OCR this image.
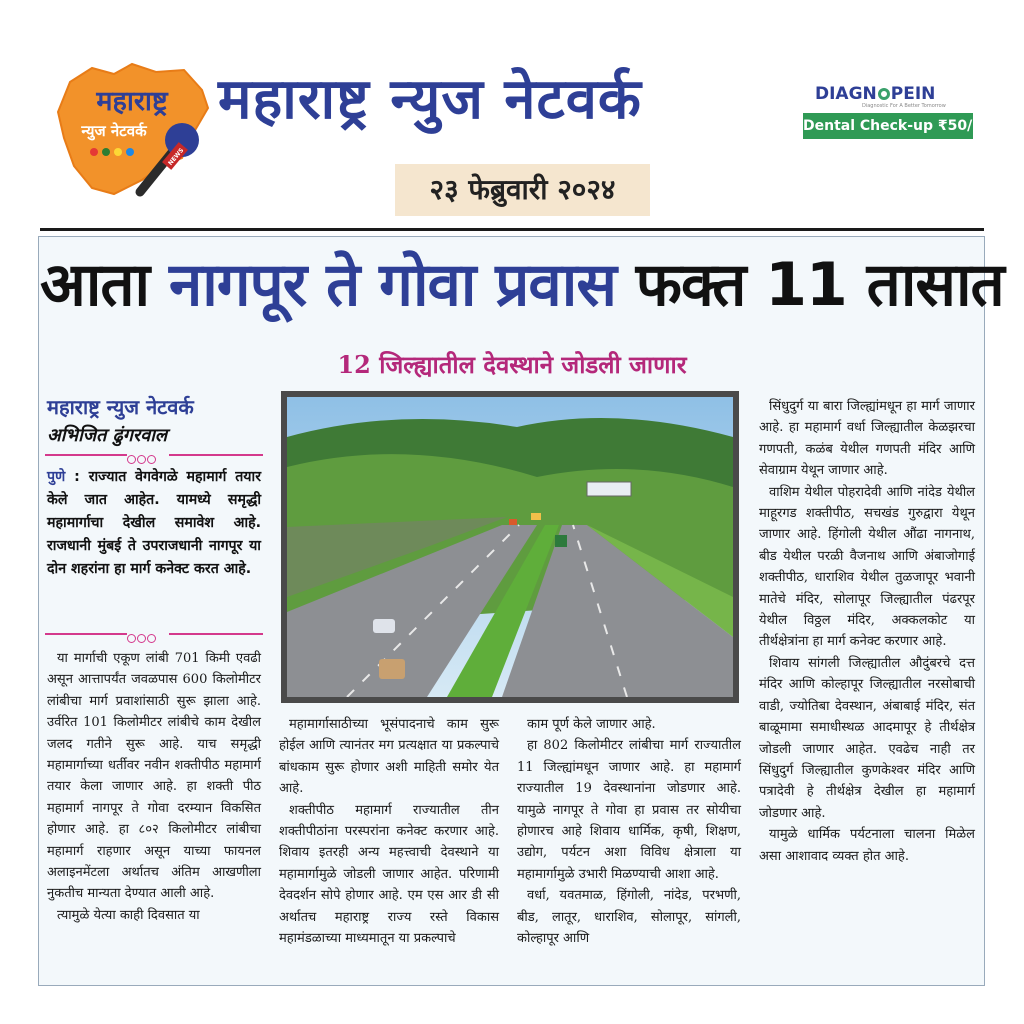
महाराष्ट्र
न्युज नेटवर्क
NEWS
महाराष्ट्र न्युज नेटवर्क
२३ फेब्रुवारी २०२४
DIAGN PEIN
Diagnostic For A Better Tomorrow
Dental Check-up ₹50/-
आता नागपूर ते गोवा प्रवास फक्त 11 तासात
12 जिल्ह्यातील देवस्थाने जोडली जाणार
महाराष्ट्र न्युज नेटवर्क
अभिजित ढुंगरवाल
पुणे : राज्यात वेगवेगळे महामार्ग तयार केले जात आहेत. यामध्ये समृद्धी महामार्गाचा देखील समावेश आहे. राजधानी मुंबई ते उपराजधानी नागपूर या दोन शहरांना हा मार्ग कनेक्ट करत आहे.

या मार्गाची एकूण लांबी 701 किमी एवढी असून आत्तापर्यंत जवळपास 600 किलोमीटर लांबीचा मार्ग प्रवाशांसाठी सुरू झाला आहे. उर्वरित 101 किलोमीटर लांबीचे काम देखील जलद गतीने सुरू आहे. याच समृद्धी महामार्गाच्या धर्तीवर नवीन शक्तीपीठ महामार्ग तयार केला जाणार आहे. हा शक्ती पीठ महामार्ग नागपूर ते गोवा दरम्यान विकसित होणार आहे. हा ८०२ किलोमीटर लांबीचा महामार्ग राहणार असून याच्या फायनल अलाइनमेंटला अर्थातच अंतिम आखणीला नुकतीच मान्यता देण्यात आली आहे.

त्यामुळे येत्या काही दिवसात या

महामार्गासाठीच्या भूसंपादनाचे काम सुरू होईल आणि त्यानंतर मग प्रत्यक्षात या प्रकल्पाचे बांधकाम सुरू होणार अशी माहिती समोर येत आहे.

शक्तीपीठ महामार्ग राज्यातील तीन शक्तीपीठांना परस्परांना कनेक्ट करणार आहे. शिवाय इतरही अन्य महत्त्वाची देवस्थाने या महामार्गामुळे जोडली जाणार आहेत. परिणामी देवदर्शन सोपे होणार आहे. एम एस आर डी सी अर्थातच महाराष्ट्र राज्य रस्ते विकास महामंडळाच्या माध्यमातून या प्रकल्पाचे

काम पूर्ण केले जाणार आहे.

हा 802 किलोमीटर लांबीचा मार्ग राज्यातील 11 जिल्ह्यांमधून जाणार आहे. हा महामार्ग राज्यातील 19 देवस्थानांना जोडणार आहे. यामुळे नागपूर ते गोवा हा प्रवास तर सोयीचा होणारच आहे शिवाय धार्मिक, कृषी, शिक्षण, उद्योग, पर्यटन अशा विविध क्षेत्राला या महामार्गामुळे उभारी मिळण्याची आशा आहे.

वर्धा, यवतमाळ, हिंगोली, नांदेड, परभणी, बीड, लातूर, धाराशिव, सोलापूर, सांगली, कोल्हापूर आणि

सिंधुदुर्ग या बारा जिल्ह्यांमधून हा मार्ग जाणार आहे. हा महामार्ग वर्धा जिल्ह्यातील केळझरचा गणपती, कळंब येथील गणपती मंदिर आणि सेवाग्राम येथून जाणार आहे.

वाशिम येथील पोहरादेवी आणि नांदेड येथील माहूरगड शक्तीपीठ, सचखंड गुरुद्वारा येथून जाणार आहे. हिंगोली येथील औंढा नागनाथ, बीड येथील परळी वैजनाथ आणि अंबाजोगाई शक्तीपीठ, धाराशिव येथील तुळजापूर भवानी मातेचे मंदिर, सोलापूर जिल्ह्यातील पंढरपूर येथील विठ्ठल मंदिर, अक्कलकोट या तीर्थक्षेत्रांना हा मार्ग कनेक्ट करणार आहे.

शिवाय सांगली जिल्ह्यातील औदुंबरचे दत्त मंदिर आणि कोल्हापूर जिल्ह्यातील नरसोबाची वाडी, ज्योतिबा देवस्थान, अंबाबाई मंदिर, संत बाळूमामा समाधीस्थळ आदमापूर हे तीर्थक्षेत्र जोडली जाणार आहेत. एवढेच नाही तर सिंधुदुर्ग जिल्ह्यातील कुणकेश्वर मंदिर आणि पत्रादेवी हे तीर्थक्षेत्र देखील हा महामार्ग जोडणार आहे.

यामुळे धार्मिक पर्यटनाला चालना मिळेल असा आशावाद व्यक्त होत आहे.
